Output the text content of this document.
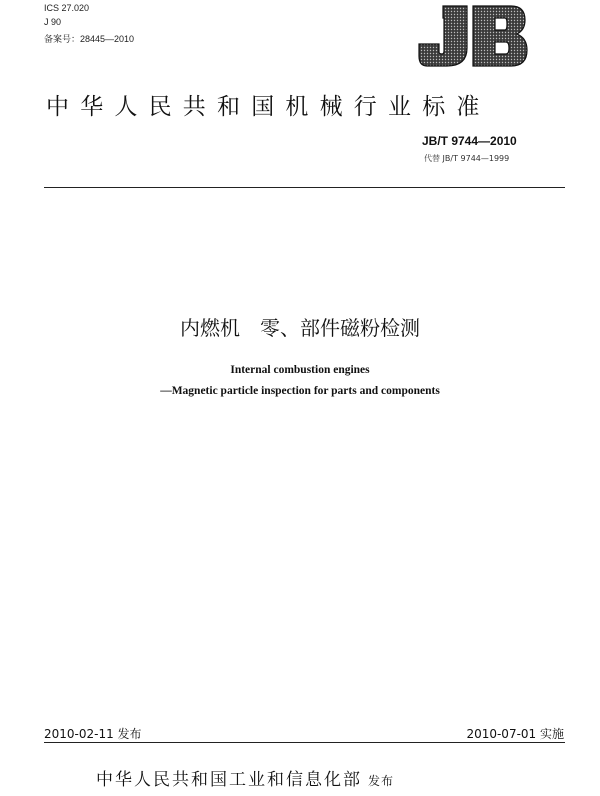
ICS 27.020
J 90
备案号：28445—2010
中华人民共和国机械行业标准
JB/T 9744—2010
代替 JB/T 9744—1999
内燃机　零、部件磁粉检测
Internal combustion engines
—Magnetic particle inspection for parts and components
2010-02-11 发布	2010-07-01 实施
中华人民共和国工业和信息化部 发布
